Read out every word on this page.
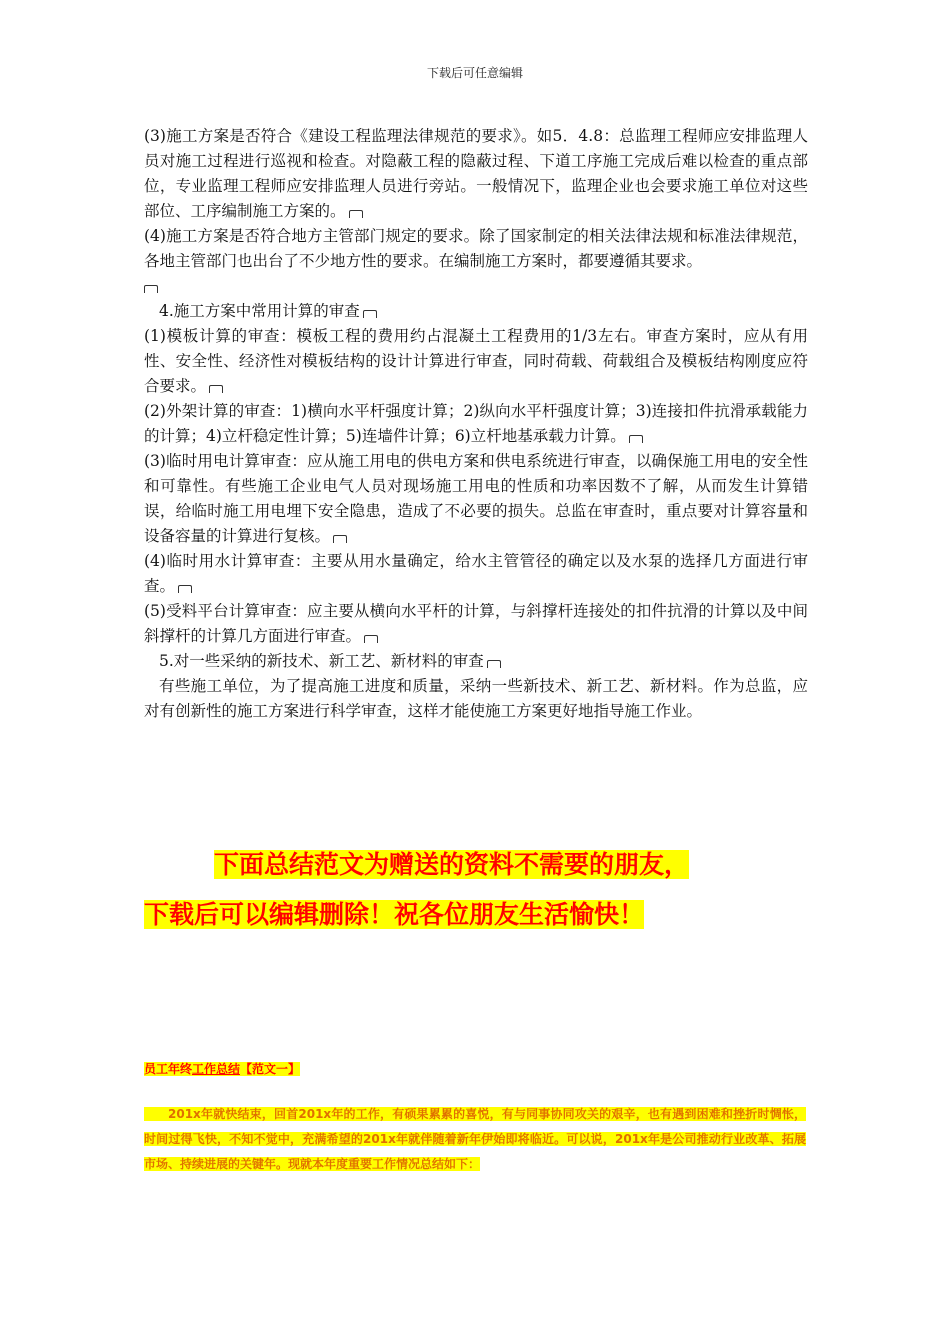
下载后可任意编辑

(3)施工方案是否符合《建设工程监理法律规范的要求》。如5．4.8：总监理工程师应安排监理人员对施工过程进行巡视和检查。对隐蔽工程的隐蔽过程、下道工序施工完成后难以检查的重点部位，专业监理工程师应安排监理人员进行旁站。一般情况下，监理企业也会要求施工单位对这些部位、工序编制施工方案的。

(4)施工方案是否符合地方主管部门规定的要求。除了国家制定的相关法律法规和标准法律规范，各地主管部门也出台了不少地方性的要求。在编制施工方案时，都要遵循其要求。

4.施工方案中常用计算的审查

(1)模板计算的审查：模板工程的费用约占混凝土工程费用的1/3左右。审查方案时，应从有用性、安全性、经济性对模板结构的设计计算进行审查，同时荷载、荷载组合及模板结构刚度应符合要求。

(2)外架计算的审查：1)横向水平杆强度计算；2)纵向水平杆强度计算；3)连接扣件抗滑承载能力的计算；4)立杆稳定性计算；5)连墙件计算；6)立杆地基承载力计算。

(3)临时用电计算审查：应从施工用电的供电方案和供电系统进行审查，以确保施工用电的安全性和可靠性。有些施工企业电气人员对现场施工用电的性质和功率因数不了解，从而发生计算错误，给临时施工用电埋下安全隐患，造成了不必要的损失。总监在审查时，重点要对计算容量和设备容量的计算进行复核。

(4)临时用水计算审查：主要从用水量确定，给水主管管径的确定以及水泵的选择几方面进行审查。

(5)受料平台计算审查：应主要从横向水平杆的计算，与斜撑杆连接处的扣件抗滑的计算以及中间斜撑杆的计算几方面进行审查。

5.对一些采纳的新技术、新工艺、新材料的审查

有些施工单位，为了提高施工进度和质量，采纳一些新技术、新工艺、新材料。作为总监，应对有创新性的施工方案进行科学审查，这样才能使施工方案更好地指导施工作业。

下面总结范文为赠送的资料不需要的朋友，
下载后可以编辑删除！祝各位朋友生活愉快！
员工年终工作总结【范文一】
  201x年就快结束，回首201x年的工作，有硕果累累的喜悦，有与同事协同攻关的艰辛，也有遇到困难和挫折时惆怅，时间过得飞快，不知不觉中，充满希望的201x年就伴随着新年伊始即将临近。可以说，201x年是公司推动行业改革、拓展市场、持续进展的关键年。现就本年度重要工作情况总结如下：
